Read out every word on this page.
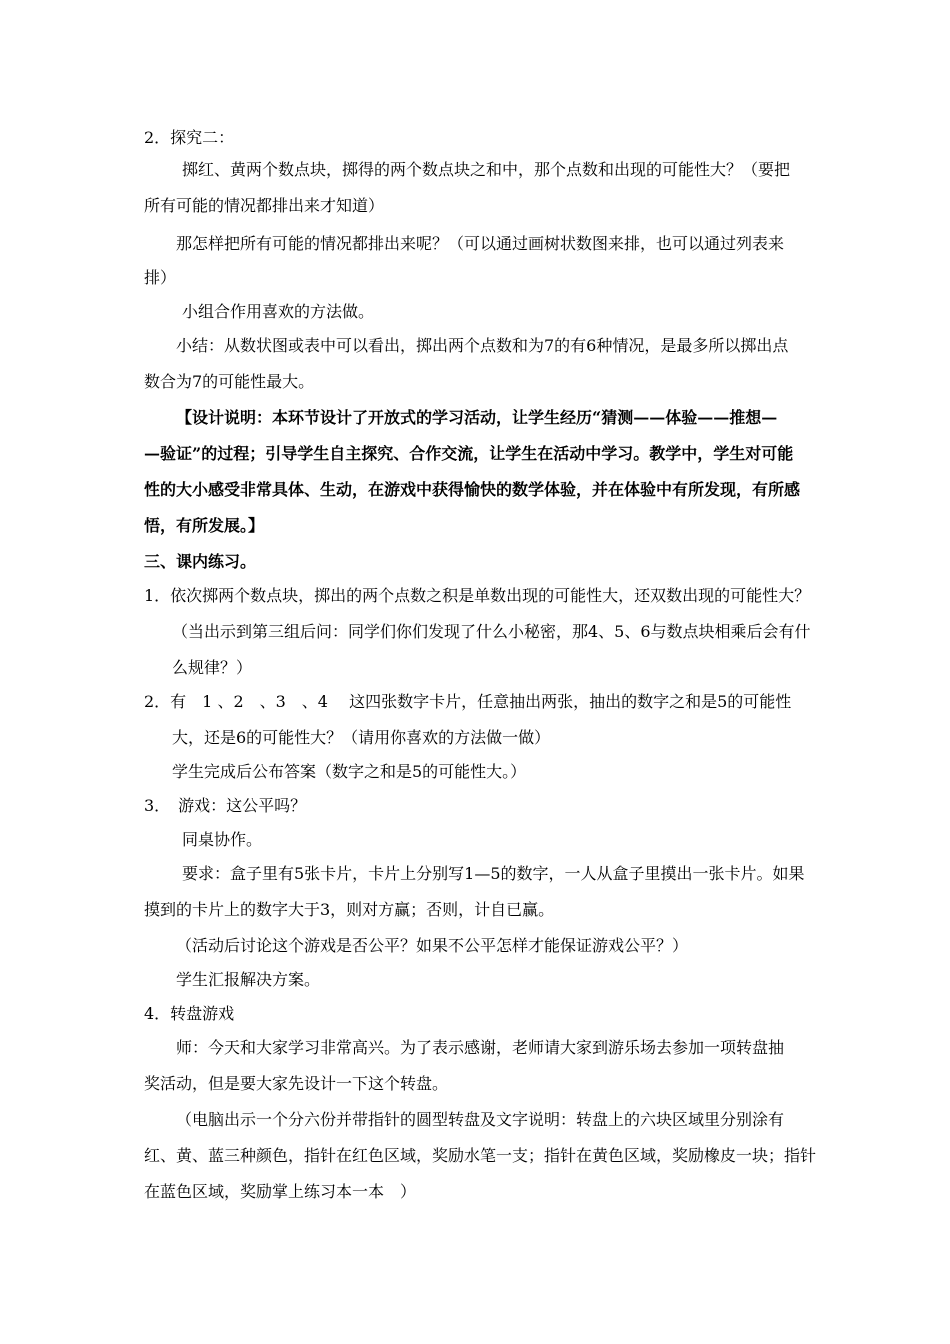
2．探究二：
掷红、黄两个数点块，掷得的两个数点块之和中，那个点数和出现的可能性大？（要把
所有可能的情况都排出来才知道）
那怎样把所有可能的情况都排出来呢？（可以通过画树状数图来排，也可以通过列表来
排）
小组合作用喜欢的方法做。
小结：从数状图或表中可以看出，掷出两个点数和为7的有6种情况，是最多所以掷出点
数合为7的可能性最大。
【设计说明：本环节设计了开放式的学习活动，让学生经历“猜测——体验——推想—
—验证”的过程；引导学生自主探究、合作交流，让学生在活动中学习。教学中，学生对可能
性的大小感受非常具体、生动，在游戏中获得愉快的数学体验，并在体验中有所发现，有所感
悟，有所发展。】
三、课内练习。
1．依次掷两个数点块，掷出的两个点数之积是单数出现的可能性大，还双数出现的可能性大？
（当出示到第三组后问：同学们你们发现了什么小秘密，那4、5、6与数点块相乘后会有什
么规律？）
2．有　1 、2　、3　、4　 这四张数字卡片，任意抽出两张，抽出的数字之和是5的可能性
大，还是6的可能性大？（请用你喜欢的方法做一做）
学生完成后公布答案（数字之和是5的可能性大。）
3．　游戏：这公平吗？
同桌协作。
要求：盒子里有5张卡片，卡片上分别写1—5的数字，一人从盒子里摸出一张卡片。如果
摸到的卡片上的数字大于3，则对方赢；否则，计自已赢。
（活动后讨论这个游戏是否公平？如果不公平怎样才能保证游戏公平？）
学生汇报解决方案。
4．转盘游戏
师：今天和大家学习非常高兴。为了表示感谢，老师请大家到游乐场去参加一项转盘抽
奖活动，但是要大家先设计一下这个转盘。
（电脑出示一个分六份并带指针的圆型转盘及文字说明：转盘上的六块区域里分别涂有
红、黄、蓝三种颜色，指针在红色区域，奖励水笔一支；指针在黄色区域，奖励橡皮一块；指针
在蓝色区域，奖励掌上练习本一本　）
